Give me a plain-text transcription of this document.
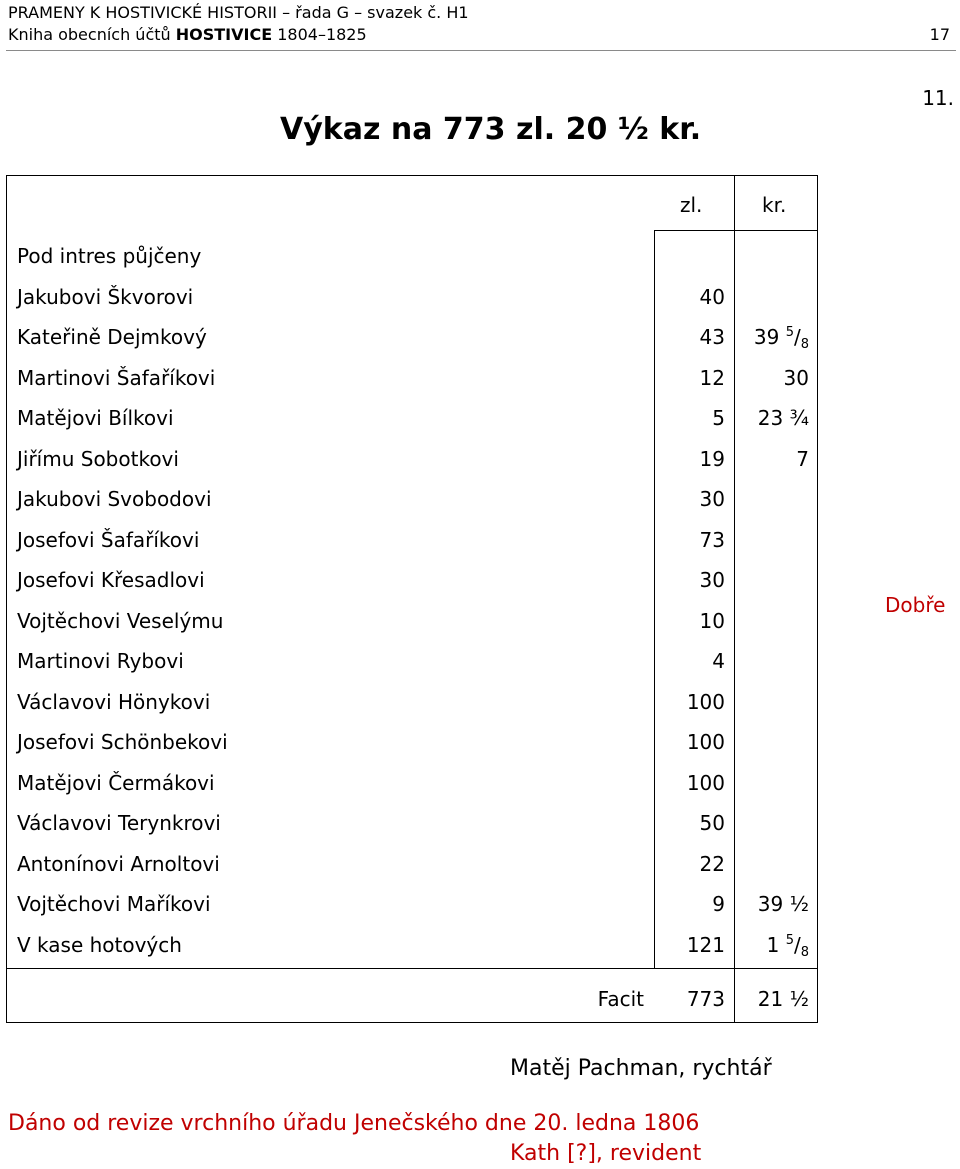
PRAMENY K HOSTIVICKÉ HISTORII – řada G – svazek č. H1
Kniha obecních účtů HOSTIVICE 1804–1825	17
11.
Výkaz na 773 zl. 20 ½ kr.
zl.	kr.
Pod intres půjčeny
Jakubovi Škvorovi	40
Kateřině Dejmkový	43	39 $^5/_8$
Martinovi Šafaříkovi	12	30
Matějovi Bílkovi	5	23 ¾
Jiřímu Sobotkovi	19	7
Jakubovi Svobodovi	30
Josefovi Šafaříkovi	73
Josefovi Křesadlovi	30
Vojtěchovi Veselýmu	10
Martinovi Rybovi	4
Václavovi Hönykovi	100
Josefovi Schönbekovi	100
Matějovi Čermákovi	100
Václavovi Terynkrovi	50
Antonínovi Arnoltovi	22
Vojtěchovi Maříkovi	9	39 ½
V kase hotových	121	1 $^5/_8$
Facit	773	21 ½
Dobře
Matěj Pachman, rychtář
Dáno od revize vrchního úřadu Jenečského dne 20. ledna 1806
Kath [?], revident
